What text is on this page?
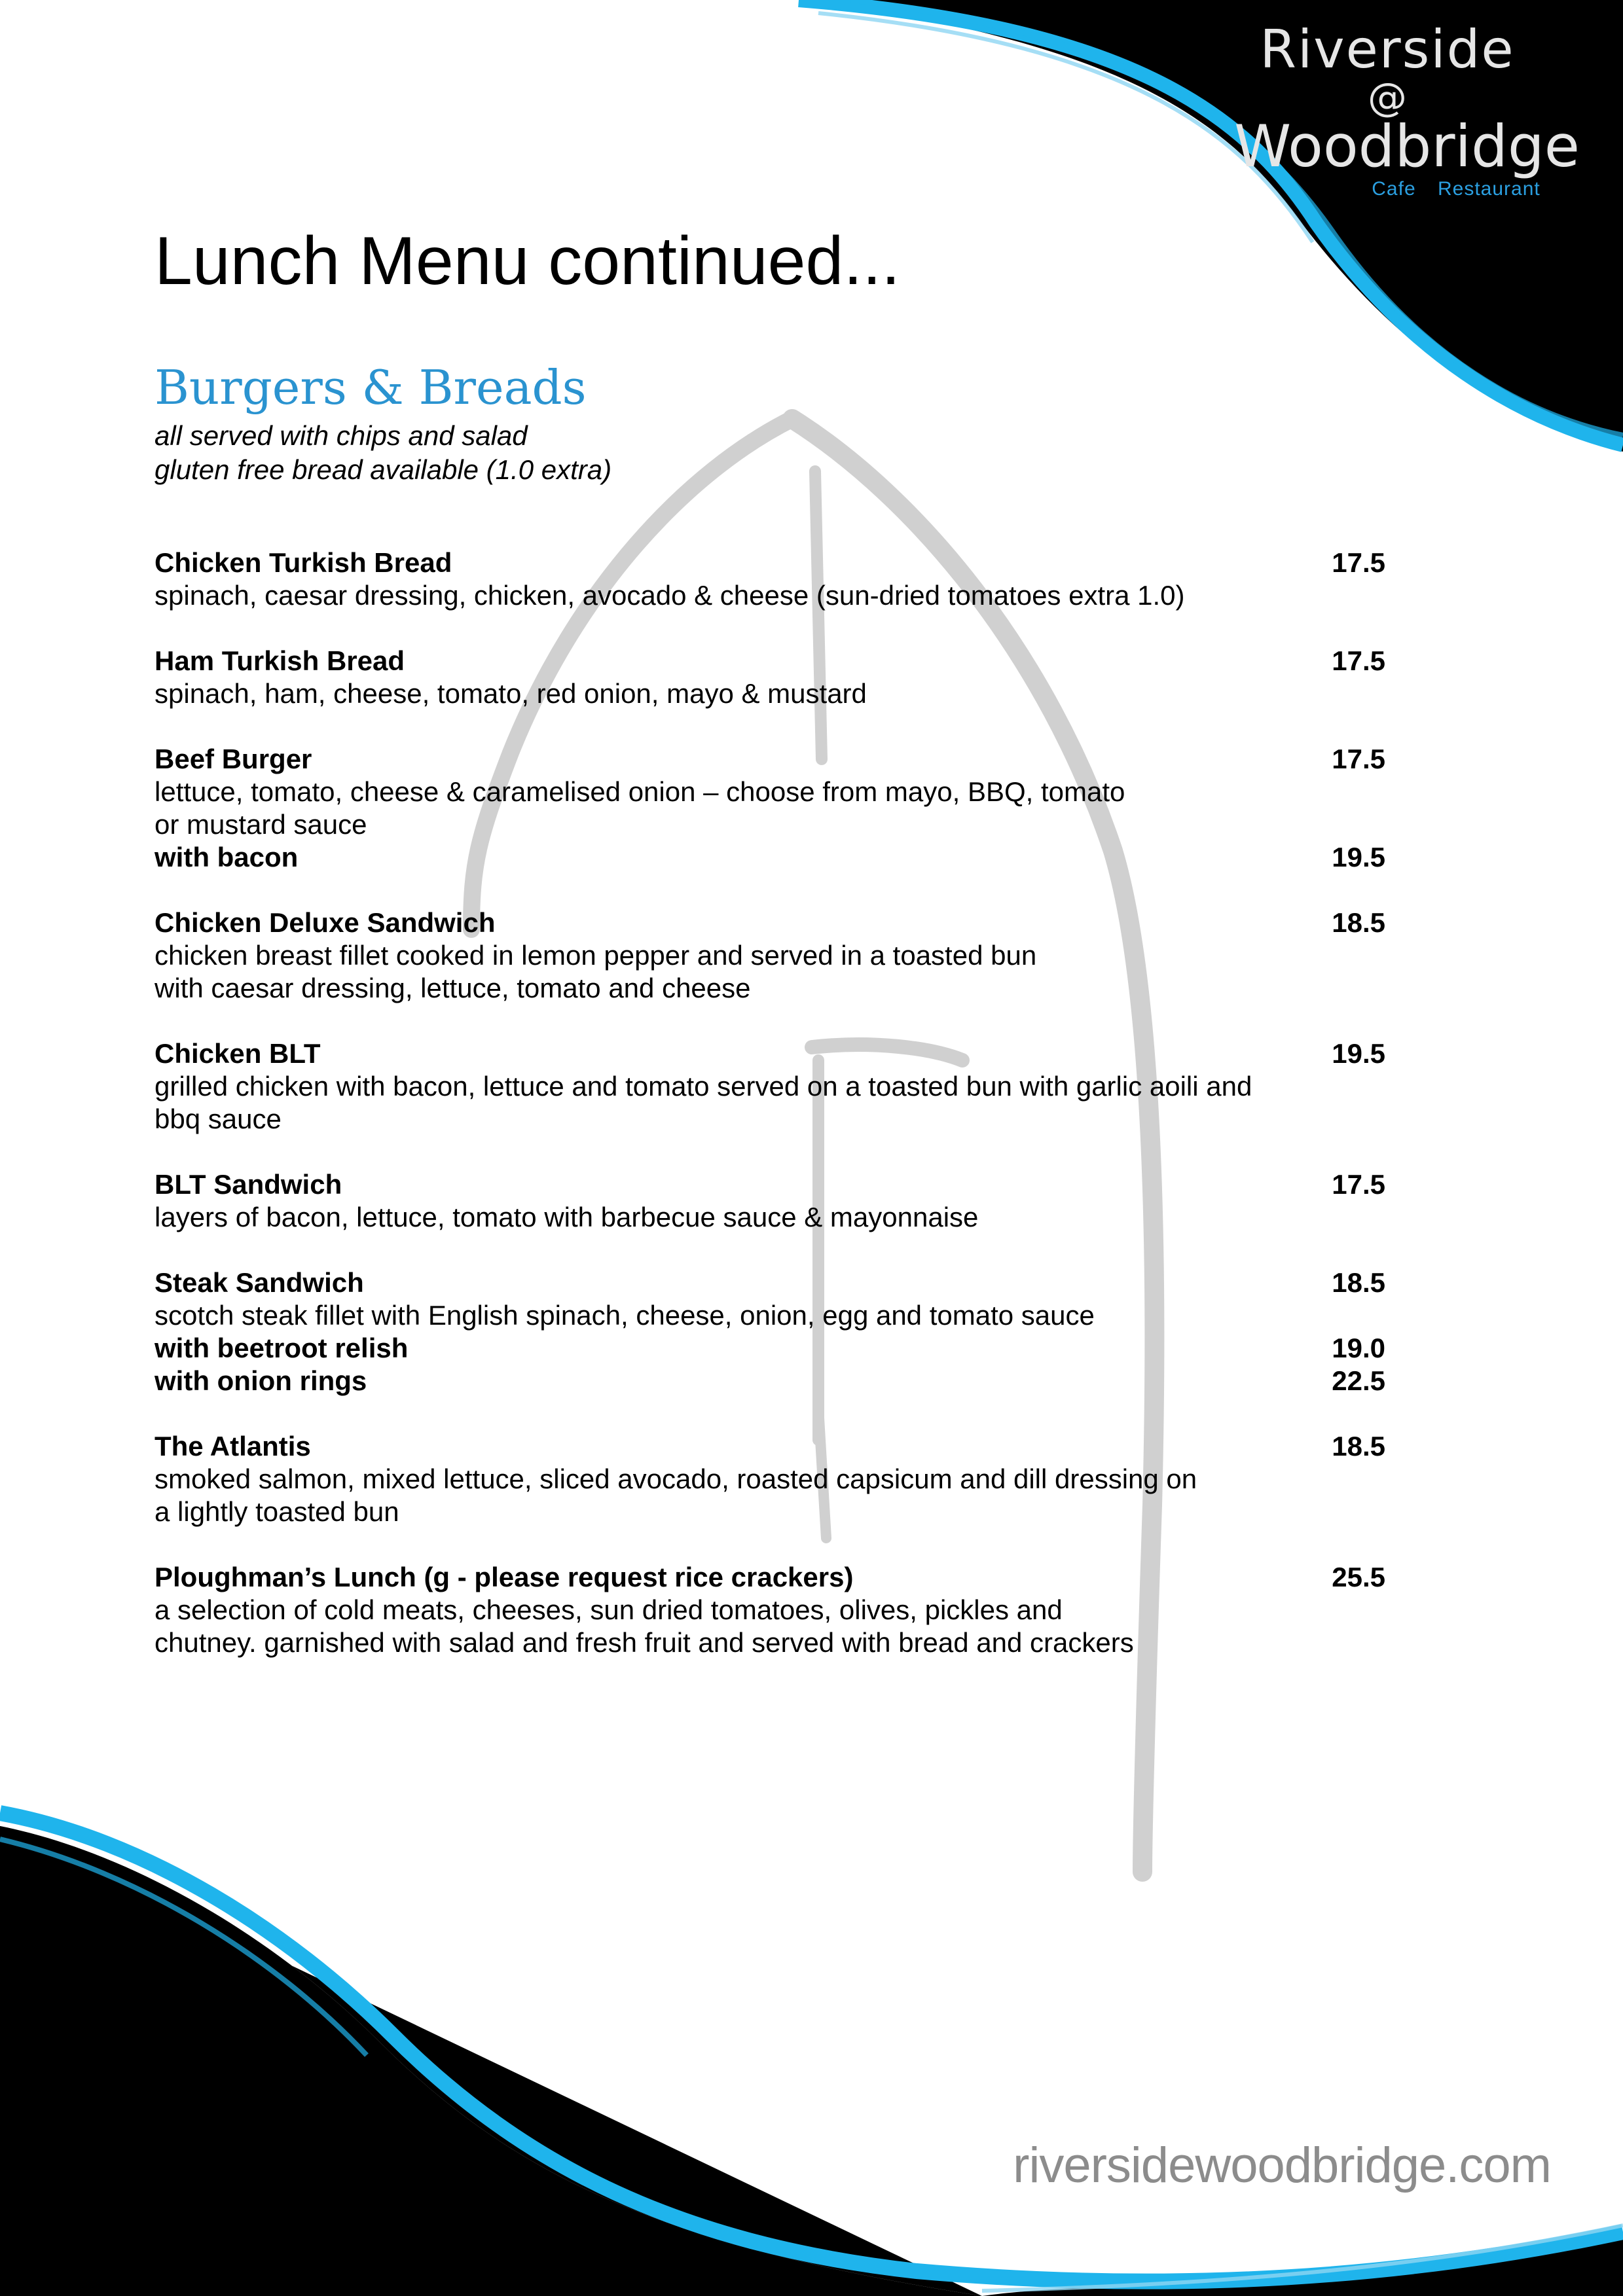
Riverside
@
Woodbridge
Cafe Restaurant
Lunch Menu continued...
Burgers & Breads
all served with chips and salad
gluten free bread available (1.0 extra)
Chicken Turkish Bread	17.5
spinach, caesar dressing, chicken, avocado & cheese (sun-dried tomatoes extra 1.0)
Ham Turkish Bread	17.5
spinach, ham, cheese, tomato, red onion, mayo & mustard
Beef Burger	17.5
lettuce, tomato, cheese & caramelised onion – choose from mayo, BBQ, tomato
or mustard sauce
with bacon	19.5
Chicken Deluxe Sandwich	18.5
chicken breast fillet cooked in lemon pepper and served in a toasted bun
with caesar dressing, lettuce, tomato and cheese
Chicken BLT	19.5
grilled chicken with bacon, lettuce and tomato served on a toasted bun with garlic aoili and
bbq sauce
BLT Sandwich	17.5
layers of bacon, lettuce, tomato with barbecue sauce & mayonnaise
Steak Sandwich	18.5
scotch steak fillet with English spinach, cheese, onion, egg and tomato sauce
with beetroot relish	19.0
with onion rings	22.5
The Atlantis	18.5
smoked salmon, mixed lettuce, sliced avocado, roasted capsicum and dill dressing on
a lightly toasted bun
Ploughman’s Lunch (g - please request rice crackers)	25.5
a selection of cold meats, cheeses, sun dried tomatoes, olives, pickles and
chutney. garnished with salad and fresh fruit and served with bread and crackers
riversidewoodbridge.com
